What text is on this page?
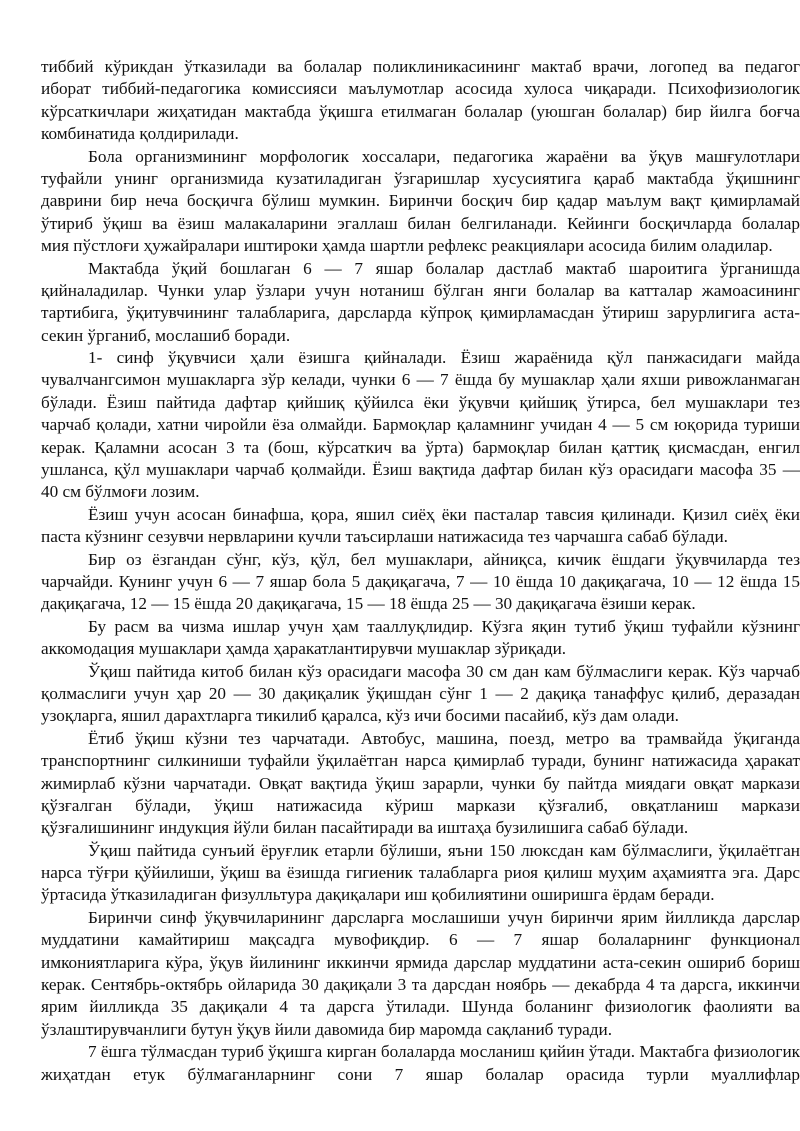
тиббий кўрикдан ўтказилади ва болалар поликлиникасининг мактаб врачи, логопед ва педагог
иборат тиббий-педагогика комиссияси маълумотлар асосида хулоса чиқаради. Психофизиологик
кўрсаткичлари жиҳатидан мактабда ўқишга етилмаган болалар (уюшган болалар) бир йилга боғча
комбинатида қолдирилади.
Бола организмининг морфологик хоссалари, педагогика жараёни ва ўқув машғулотлари
туфайли унинг организмида кузатиладиган ўзгаришлар хусусиятига қараб мактабда ўқишнинг
даврини бир неча босқичга бўлиш мумкин. Биринчи босқич бир қадар маълум вақт қимирламай
ўтириб ўқиш ва ёзиш малакаларини эгаллаш билан белгиланади. Кейинги босқичларда болалар
мия пўстлоғи ҳужайралари иштироки ҳамда шартли рефлекс реакциялари асосида билим оладилар.
Мактабда ўқий бошлаган 6 — 7 яшар болалар дастлаб мактаб шароитига ўрганишда
қийналадилар. Чунки улар ўзлари учун нотаниш бўлган янги болалар ва катталар жамоасининг
тартибига, ўқитувчининг талабларига, дарсларда кўпроқ қимирламасдан ўтириш зарурлигига аста-
секин ўрганиб, мослашиб боради.
1- синф ўқувчиси ҳали ёзишга қийналади. Ёзиш жараёнида қўл панжасидаги майда
чувалчангсимон мушакларга зўр келади, чунки 6 — 7 ёшда бу мушаклар ҳали яхши ривожланмаган
бўлади. Ёзиш пайтида дафтар қийшиқ қўйилса ёки ўқувчи қийшиқ ўтирса, бел мушаклари тез
чарчаб қолади, хатни чиройли ёза олмайди. Бармоқлар қаламнинг учидан 4 — 5 см юқорида туриши
керак. Қаламни асосан 3 та (бош, кўрсаткич ва ўрта) бармоқлар билан қаттиқ қисмасдан, енгил
ушланса, қўл мушаклари чарчаб қолмайди. Ёзиш вақтида дафтар билан кўз орасидаги масофа 35 —
40 см бўлмоғи лозим.
Ёзиш учун асосан бинафша, қора, яшил сиёҳ ёки пасталар тавсия қилинади. Қизил сиёҳ ёки
паста кўзнинг сезувчи нервларини кучли таъсирлаши натижасида тез чарчашга сабаб бўлади.
Бир оз ёзгандан сўнг, кўз, қўл, бел мушаклари, айниқса, кичик ёшдаги ўқувчиларда тез
чарчайди. Кунинг учун 6 — 7 яшар бола 5 дақиқагача, 7 — 10 ёшда 10 дақиқагача, 10 — 12 ёшда 15
дақиқагача, 12 — 15 ёшда 20 дақиқагача, 15 — 18 ёшда 25 — 30 дақиқагача ёзиши керак.
Бу расм ва чизма ишлар учун ҳам тааллуқлидир. Кўзга яқин тутиб ўқиш туфайли кўзнинг
аккомодация мушаклари ҳамда ҳаракатлантирувчи мушаклар зўриқади.
Ўқиш пайтида китоб билан кўз орасидаги масофа 30 см дан кам бўлмаслиги керак. Кўз чарчаб
қолмаслиги учун ҳар 20 — 30 дақиқалик ўқишдан сўнг 1 — 2 дақиқа танаффус қилиб, деразадан
узоқларга, яшил дарахтларга тикилиб қаралса, кўз ичи босими пасайиб, кўз дам олади.
Ётиб ўқиш кўзни тез чарчатади. Автобус, машина, поезд, метро ва трамвайда ўқиганда
транспортнинг силкиниши туфайли ўқилаётган нарса қимирлаб туради, бунинг натижасида ҳаракат
жимирлаб кўзни чарчатади. Овқат вақтида ўқиш зарарли, чунки бу пайтда миядаги овқат маркази
қўзғалган бўлади, ўқиш натижасида кўриш маркази қўзғалиб, овқатланиш маркази
қўзғалишининг индукция йўли билан пасайтиради ва иштаҳа бузилишига сабаб бўлади.
Ўқиш пайтида сунъий ёруғлик етарли бўлиши, яъни 150 люксдан кам бўлмаслиги, ўқилаётган
нарса тўғри қўйилиши, ўқиш ва ёзишда гигиеник талабларга риоя қилиш муҳим аҳамиятга эга. Дарс
ўртасида ўтказиладиган физулльтура дақиқалари иш қобилиятини оширишга ёрдам беради.
Биринчи синф ўқувчиларининг дарсларга мослашиши учун биринчи ярим йилликда дарслар
муддатини камайтириш мақсадга мувофиқдир. 6 — 7 яшар болаларнинг функционал
имкониятларига кўра, ўқув йилининг иккинчи ярмида дарслар муддатини аста-секин ошириб бориш
керак. Сентябрь-октябрь ойларида 30 дақиқали 3 та дарсдан ноябрь — декабрда 4 та дарсга, иккинчи
ярим йилликда 35 дақиқали 4 та дарсга ўтилади. Шунда боланинг физиологик фаолияти ва
ўзлаштирувчанлиги бутун ўқув йили давомида бир маромда сақланиб туради.
7 ёшга тўлмасдан туриб ўқишга кирган болаларда мосланиш қийин ўтади. Мактабга физиологик
жиҳатдан етук бўлмаганларнинг сони 7 яшар болалар орасида турли муаллифлар
